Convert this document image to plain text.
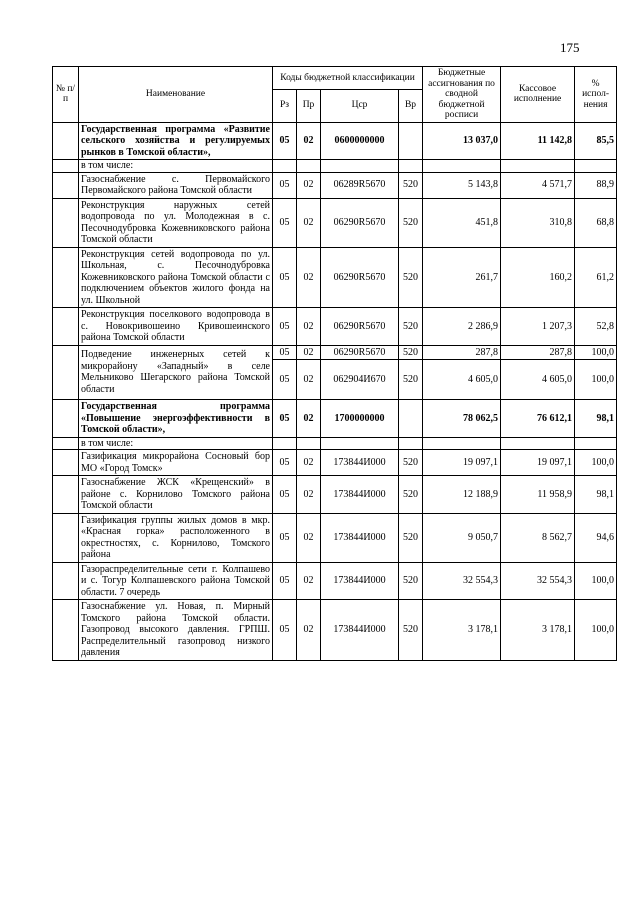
175
№ п/п	Наименование	Коды бюджетной классификации				Бюджетные ассигнования по сводной бюджетной росписи	Кассовое исполнение	% испол-нения
		Рз	Пр	Цср	Вр			
	Государственная программа «Развитие сельского хозяйства и регулируемых рынков в Томской области»,	05	02	0600000000		13 037,0	11 142,8	85,5
	в том числе:							
	Газоснабжение с. Первомайского Первомайского района Томской области	05	02	06289R5670	520	5 143,8	4 571,7	88,9
	Реконструкция наружных сетей водопровода по ул. Молодежная в с. Песочнодубровка Кожевниковского района Томской области	05	02	06290R5670	520	451,8	310,8	68,8
	Реконструкция сетей водопровода по ул. Школьная, с. Песочнодубровка Кожевниковского района Томской области с подключением объектов жилого фонда на ул. Школьной	05	02	06290R5670	520	261,7	160,2	61,2
	Реконструкция поселкового водопровода в с. Новокривошеино Кривошеинского района Томской области	05	02	06290R5670	520	2 286,9	1 207,3	52,8
	Подведение инженерных сетей к микрорайону «Западный» в селе Мельниково Шегарского района Томской области	05	02	06290R5670	520	287,8	287,8	100,0
		05	02	062904И670	520	4 605,0	4 605,0	100,0
	Государственная программа «Повышение энергоэффективности в Томской области»,	05	02	1700000000		78 062,5	76 612,1	98,1
	в том числе:							
	Газификация микрорайона Сосновый бор МО «Город Томск»	05	02	173844И000	520	19 097,1	19 097,1	100,0
	Газоснабжение ЖСК «Крещенский» в районе с. Корнилово Томского района Томской области	05	02	173844И000	520	12 188,9	11 958,9	98,1
	Газификация группы жилых домов в мкр. «Красная горка» расположенного в окрестностях, с. Корнилово, Томского района	05	02	173844И000	520	9 050,7	8 562,7	94,6
	Газораспределительные сети г. Колпашево и с. Тогур Колпашевского района Томской области. 7 очередь	05	02	173844И000	520	32 554,3	32 554,3	100,0
	Газоснабжение ул. Новая, п. Мирный Томского района Томской области. Газопровод высокого давления. ГРПШ. Распределительный газопровод низкого давления	05	02	173844И000	520	3 178,1	3 178,1	100,0
